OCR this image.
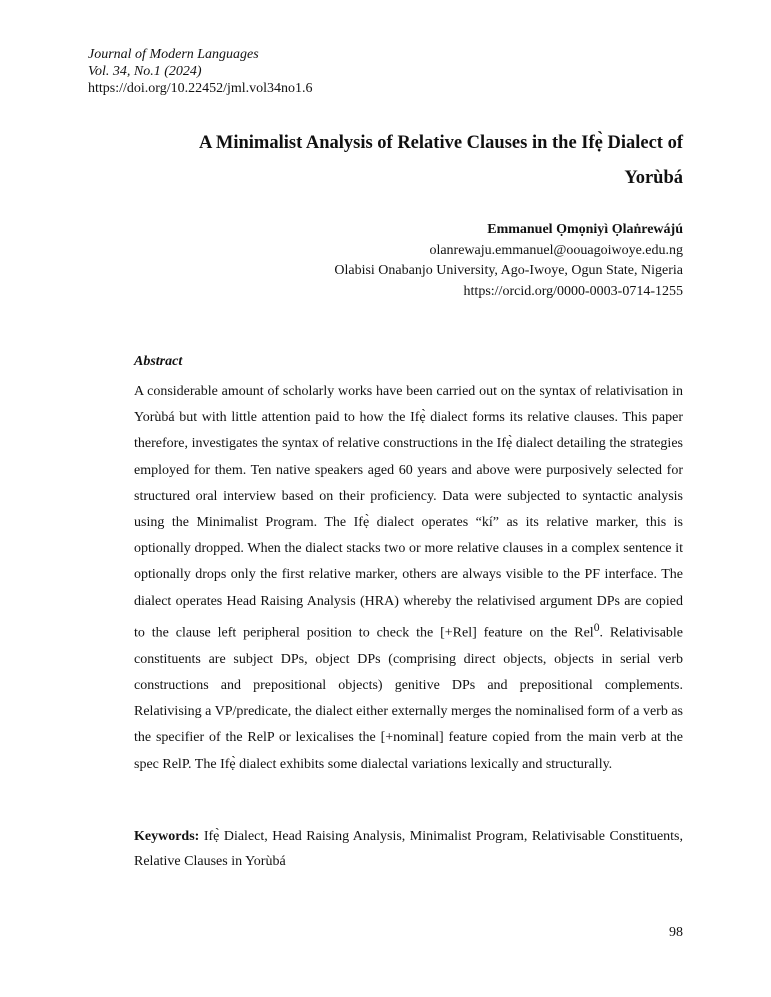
Journal of Modern Languages
Vol. 34, No.1 (2024)
https://doi.org/10.22452/jml.vol34no1.6
A Minimalist Analysis of Relative Clauses in the Ifẹ̀ Dialect of
Yorùbá
Emmanuel Ọmọniyì Ọlaṅrewájú
olanrewaju.emmanuel@oouagoiwoye.edu.ng
Olabisi Onabanjo University, Ago-Iwoye, Ogun State, Nigeria
https://orcid.org/0000-0003-0714-1255
Abstract
A considerable amount of scholarly works have been carried out on the syntax of relativisation in Yorùbá but with little attention paid to how the Ifẹ̀ dialect forms its relative clauses. This paper therefore, investigates the syntax of relative constructions in the Ifẹ̀ dialect detailing the strategies employed for them. Ten native speakers aged 60 years and above were purposively selected for structured oral interview based on their proficiency. Data were subjected to syntactic analysis using the Minimalist Program. The Ifẹ̀ dialect operates “kí” as its relative marker, this is optionally dropped. When the dialect stacks two or more relative clauses in a complex sentence it optionally drops only the first relative marker, others are always visible to the PF interface. The dialect operates Head Raising Analysis (HRA) whereby the relativised argument DPs are copied to the clause left peripheral position to check the [+Rel] feature on the Rel$^0$. Relativisable constituents are subject DPs, object DPs (comprising direct objects, objects in serial verb constructions and prepositional objects) genitive DPs and prepositional complements. Relativising a VP/predicate, the dialect either externally merges the nominalised form of a verb as the specifier of the RelP or lexicalises the [+nominal] feature copied from the main verb at the spec RelP. The Ifẹ̀ dialect exhibits some dialectal variations lexically and structurally.
Keywords: Ifẹ̀ Dialect, Head Raising Analysis, Minimalist Program, Relativisable Constituents, Relative Clauses in Yorùbá
98
